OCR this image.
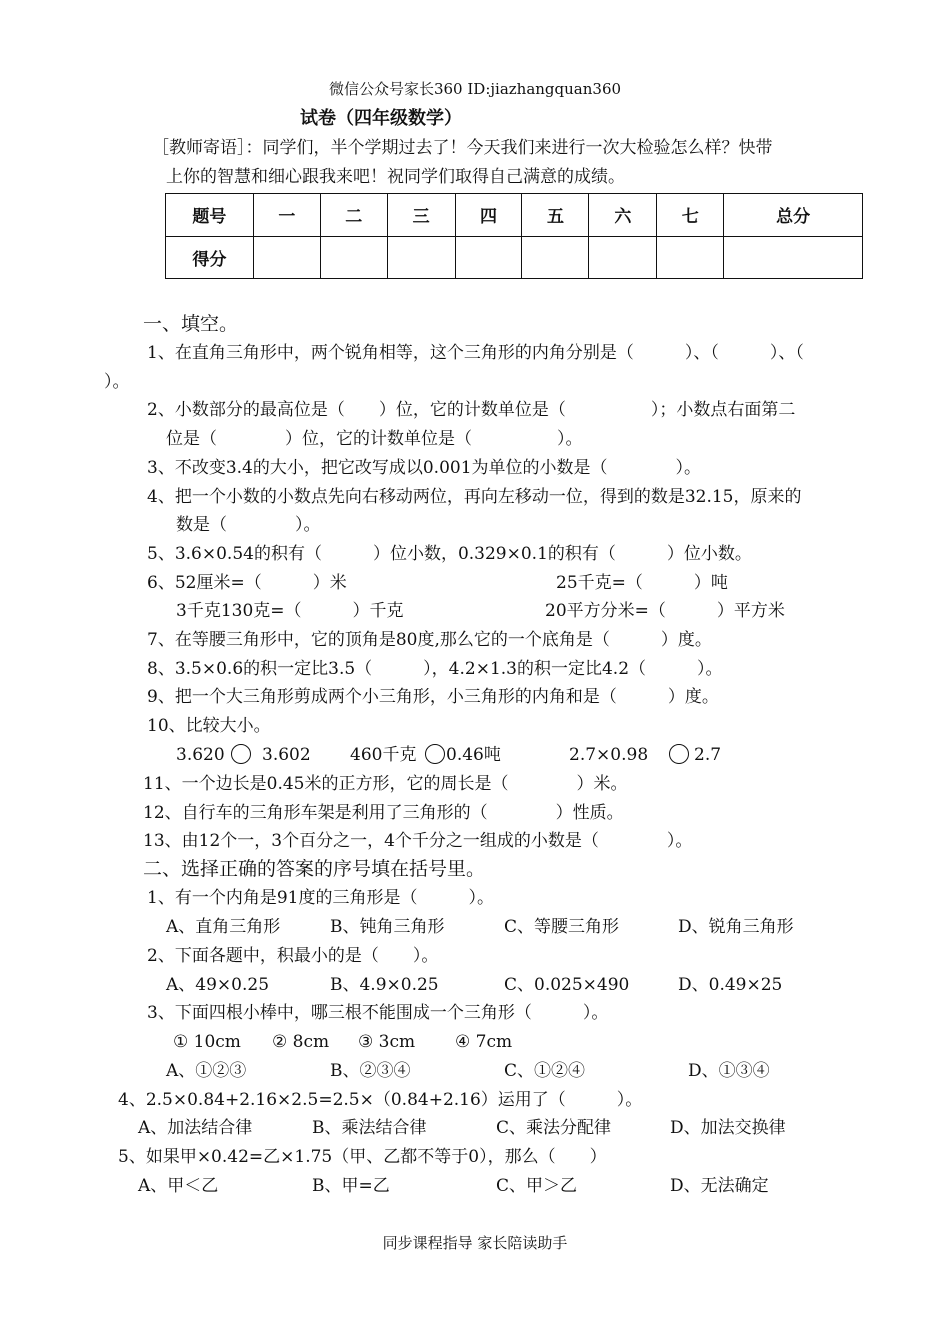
微信公众号家长360 ID:jiazhangquan360
试卷（四年级数学）
［教师寄语］：同学们，半个学期过去了！今天我们来进行一次大检验怎么样？快带
上你的智慧和细心跟我来吧！祝同学们取得自己满意的成绩。
题号	一	二	三	四	五	六	七	总分
得分								
一、填空。
1、在直角三角形中，两个锐角相等，这个三角形的内角分别是（　　　）、（　　　）、（
）。
2、小数部分的最高位是（　　）位，它的计数单位是（　　　　　）；小数点右面第二
位是（　　　　）位，它的计数单位是（　　　　　）。
3、不改变3.4的大小，把它改写成以0.001为单位的小数是（　　　　）。
4、把一个小数的小数点先向右移动两位，再向左移动一位，得到的数是32.15，原来的
数是（　　　　）。
5、3.6×0.54的积有（　　　）位小数，0.329×0.1的积有（　　　）位小数。
6、52厘米=（　　　）米	25千克=（　　　）吨
3千克130克=（　　　）千克	20平方分米=（　　　）平方米
7、在等腰三角形中，它的顶角是80度,那么它的一个底角是（　　　）度。
8、3.5×0.6的积一定比3.5（　　　），4.2×1.3的积一定比4.2（　　　）。
9、把一个大三角形剪成两个小三角形，小三角形的内角和是（　　　）度。
10、比较大小。
3.620 3.602 460千克 0.46吨	2.7×0.98	2.7
11、一个边长是0.45米的正方形，它的周长是（　　　　）米。
12、自行车的三角形车架是利用了三角形的（　　　　）性质。
13、由12个一，3个百分之一，4个千分之一组成的小数是（　　　　）。
二、选择正确的答案的序号填在括号里。
1、有一个内角是91度的三角形是（　　　）。
A、直角三角形	B、钝角三角形	C、等腰三角形	D、锐角三角形
2、下面各题中，积最小的是（　　）。
A、49×0.25	B、4.9×0.25	C、0.025×490	D、0.49×25
3、下面四根小棒中，哪三根不能围成一个三角形（　　　）。
① 10cm ② 8cm ③ 3cm ④ 7cm
A、①②③	B、②③④	C、①②④	D、①③④
4、2.5×0.84+2.16×2.5=2.5×（0.84+2.16）运用了（　　　）。
A、加法结合律	B、乘法结合律	C、乘法分配律	D、加法交换律
5、如果甲×0.42=乙×1.75（甲、乙都不等于0），那么（　　）
A、甲＜乙	B、甲=乙	C、甲＞乙	D、无法确定
同步课程指导 家长陪读助手
